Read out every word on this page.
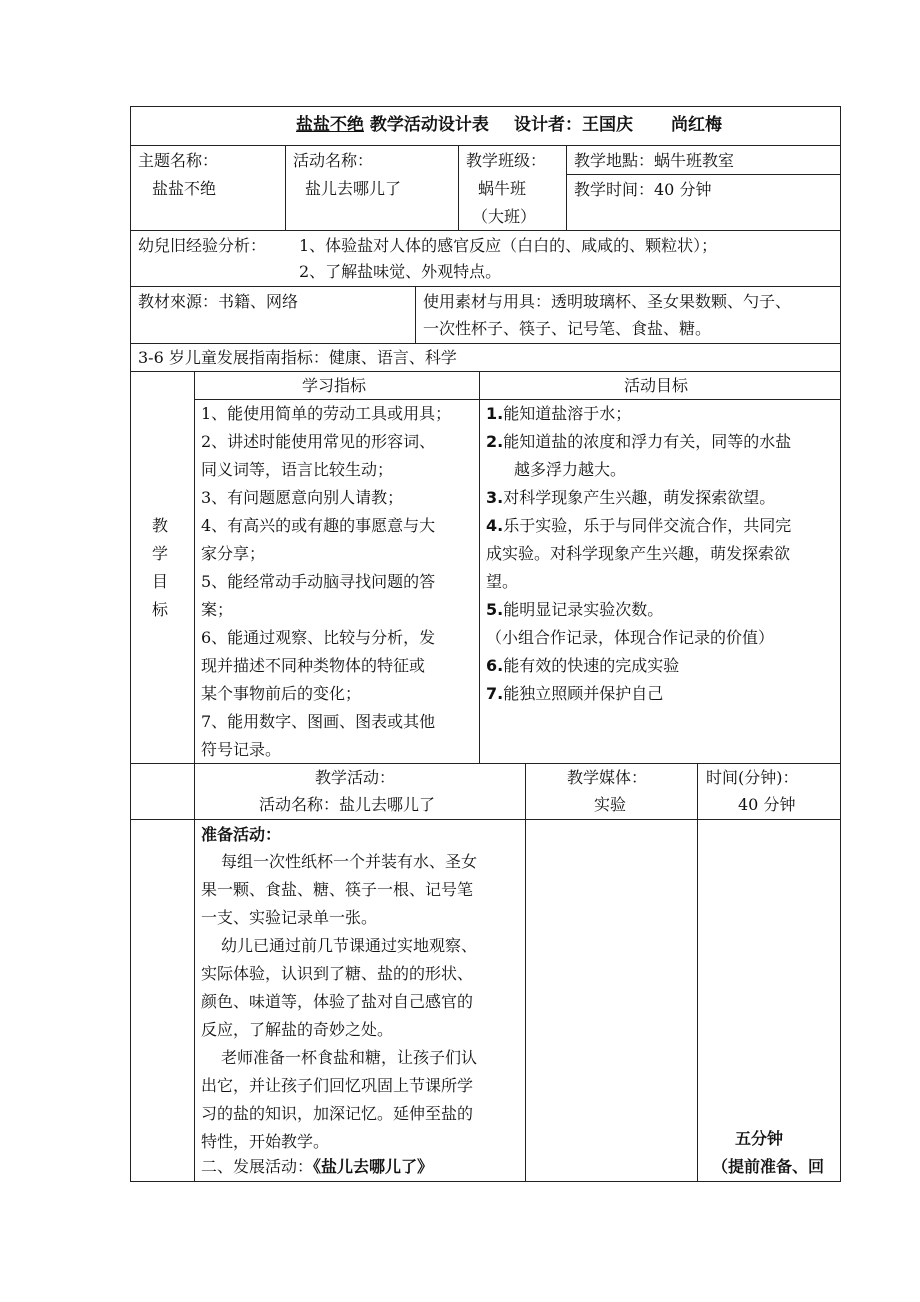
盐盐不绝 教学活动设计表 设计者：王国庆 尚红梅
主题名称：
盐盐不绝
活动名称：
盐儿去哪儿了
教学班级：
蜗牛班
（大班）
教学地點：蜗牛班教室
教学时间：40 分钟
幼兒旧经验分析： 1、体验盐对人体的感官反应（白白的、咸咸的、颗粒状）；
2、了解盐味觉、外观特点。
教材來源：书籍、网络	使用素材与用具：透明玻璃杯、圣女果数颗、勺子、
一次性杯子、筷子、记号笔、食盐、糖。
3-6 岁儿童发展指南指标：健康、语言、科学
教
学
目
标
学习指标	活动目标
1、能使用简单的劳动工具或用具；
2、讲述时能使用常见的形容词、
同义词等，语言比较生动；
3、有问题愿意向别人请教；
4、有高兴的或有趣的事愿意与大
家分享；
5、能经常动手动脑寻找问题的答
案；
6、能通过观察、比较与分析，发
现并描述不同种类物体的特征或
某个事物前后的变化；
7、能用数字、图画、图表或其他
符号记录。
1.能知道盐溶于水；
2.能知道盐的浓度和浮力有关，同等的水盐
越多浮力越大。
3.对科学现象产生兴趣，萌发探索欲望。
4.乐于实验，乐于与同伴交流合作，共同完
成实验。对科学现象产生兴趣，萌发探索欲
望。
5.能明显记录实验次数。
（小组合作记录，体现合作记录的价值）
6.能有效的快速的完成实验
7.能独立照顾并保护自己
教学活动：
活动名称：盐儿去哪儿了
教学媒体：
实验
时间(分钟)：
40 分钟
准备活动：
每组一次性纸杯一个并装有水、圣女
果一颗、食盐、糖、筷子一根、记号笔
一支、实验记录单一张。
幼儿已通过前几节课通过实地观察、
实际体验，认识到了糖、盐的的形状、
颜色、味道等，体验了盐对自己感官的
反应，了解盐的奇妙之处。
老师准备一杯食盐和糖，让孩子们认
出它，并让孩子们回忆巩固上节课所学
习的盐的知识，加深记忆。延伸至盐的
特性，开始教学。
二、发展活动：《盐儿去哪儿了》
五分钟
（提前准备、回
